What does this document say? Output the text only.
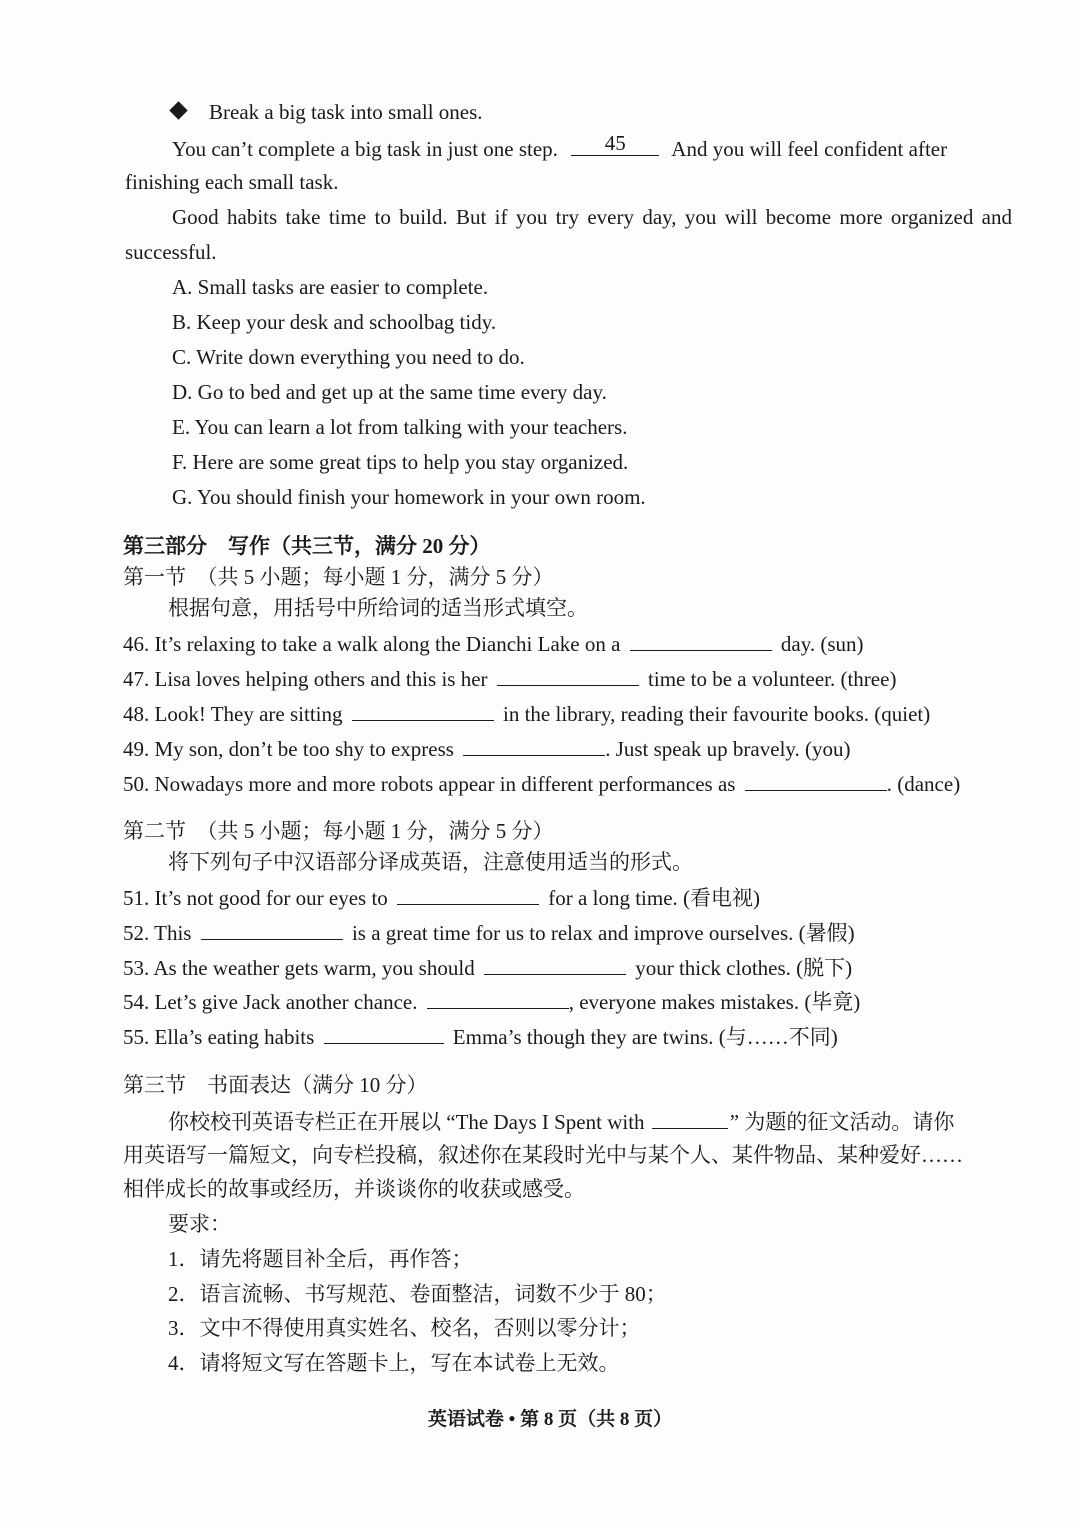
Break a big task into small ones.
You can’t complete a big task in just one step.	45	And you will feel confident after
finishing each small task.
Good habits take time to build. But if you try every day, you will become more organized and
successful.
A. Small tasks are easier to complete.
B. Keep your desk and schoolbag tidy.
C. Write down everything you need to do.
D. Go to bed and get up at the same time every day.
E. You can learn a lot from talking with your teachers.
F. Here are some great tips to help you stay organized.
G. You should finish your homework in your own room.
第三部分　写作（共三节，满分 20 分）
第一节　（共 5 小题；每小题 1 分，满分 5 分）
根据句意，用括号中所给词的适当形式填空。
46. It’s relaxing to take a walk along the Dianchi Lake on a	day. (sun)
47. Lisa loves helping others and this is her	time to be a volunteer. (three)
48. Look! They are sitting	in the library, reading their favourite books. (quiet)
49. My son, don’t be too shy to express	. Just speak up bravely. (you)
50. Nowadays more and more robots appear in different performances as	. (dance)
第二节　（共 5 小题；每小题 1 分，满分 5 分）
将下列句子中汉语部分译成英语，注意使用适当的形式。
51. It’s not good for our eyes to	for a long time. (看电视)
52. This	is a great time for us to relax and improve ourselves. (暑假)
53. As the weather gets warm, you should	your thick clothes. (脱下)
54. Let’s give Jack another chance.	, everyone makes mistakes. (毕竟)
55. Ella’s eating habits	Emma’s though they are twins. (与……不同)
第三节　书面表达（满分 10 分）
你校校刊英语专栏正在开展以 “The Days I Spent with	” 为题的征文活动。请你
用英语写一篇短文，向专栏投稿，叙述你在某段时光中与某个人、某件物品、某种爱好……
相伴成长的故事或经历，并谈谈你的收获或感受。
要求：
1．请先将题目补全后，再作答；
2．语言流畅、书写规范、卷面整洁，词数不少于 80；
3．文中不得使用真实姓名、校名，否则以零分计；
4．请将短文写在答题卡上，写在本试卷上无效。
英语试卷 • 第 8 页（共 8 页）
